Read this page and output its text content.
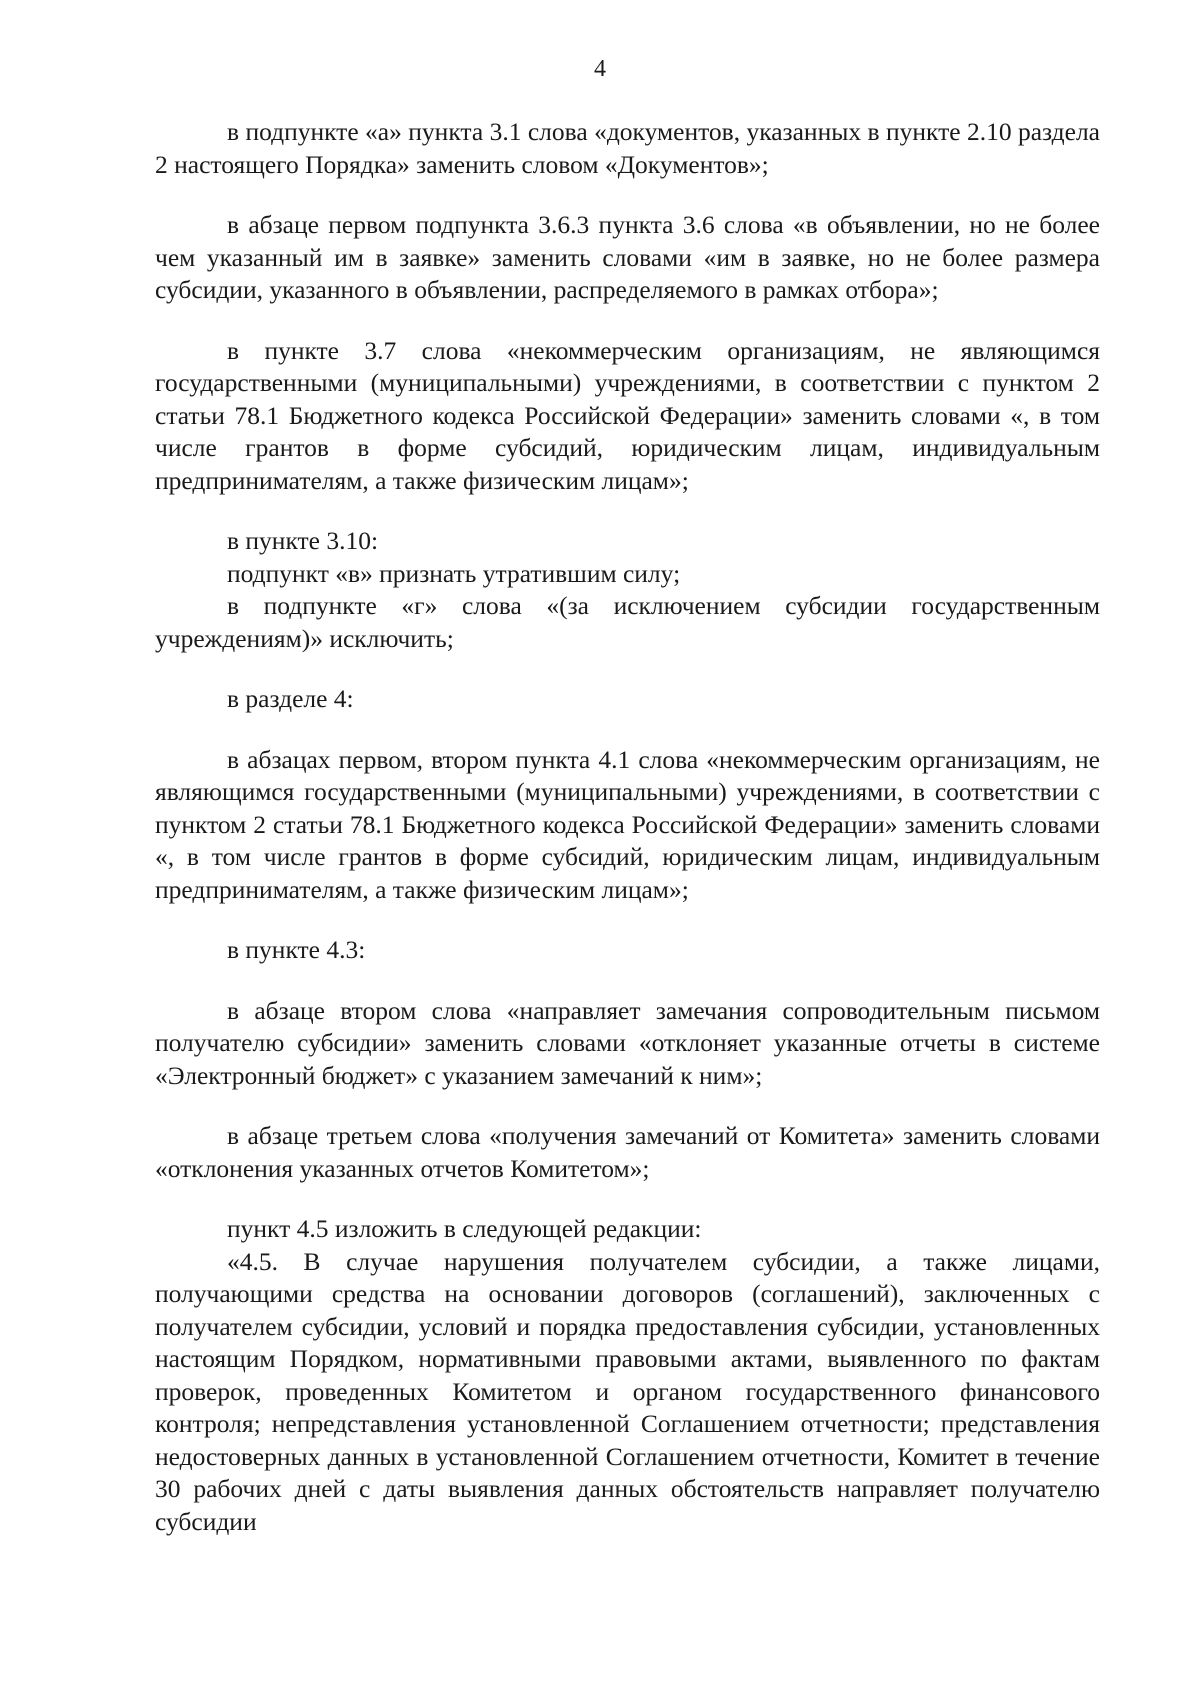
4

в подпункте «а» пункта 3.1 слова «документов, указанных в пункте 2.10 раздела 2 настоящего Порядка» заменить словом «Документов»;

в абзаце первом подпункта 3.6.3 пункта 3.6 слова «в объявлении, но не более чем указанный им в заявке» заменить словами «им в заявке, но не более размера субсидии, указанного в объявлении, распределяемого в рамках отбора»;

в пункте 3.7 слова «некоммерческим организациям, не являющимся государственными (муниципальными) учреждениями, в соответствии с пунктом 2 статьи 78.1 Бюджетного кодекса Российской Федерации» заменить словами «, в том числе грантов в форме субсидий, юридическим лицам, индивидуальным предпринимателям, а также физическим лицам»;

в пункте 3.10:

подпункт «в» признать утратившим силу;

в подпункте «г» слова «(за исключением субсидии государственным учреждениям)» исключить;

в разделе 4:

в абзацах первом, втором пункта 4.1 слова «некоммерческим организациям, не являющимся государственными (муниципальными) учреждениями, в соответствии с пунктом 2 статьи 78.1 Бюджетного кодекса Российской Федерации» заменить словами «, в том числе грантов в форме субсидий, юридическим лицам, индивидуальным предпринимателям, а также физическим лицам»;

в пункте 4.3:

в абзаце втором слова «направляет замечания сопроводительным письмом получателю субсидии» заменить словами «отклоняет указанные отчеты в системе «Электронный бюджет» с указанием замечаний к ним»;

в абзаце третьем слова «получения замечаний от Комитета» заменить словами «отклонения указанных отчетов Комитетом»;

пункт 4.5 изложить в следующей редакции:

«4.5. В случае нарушения получателем субсидии, а также лицами, получающими средства на основании договоров (соглашений), заключенных с получателем субсидии, условий и порядка предоставления субсидии, установленных настоящим Порядком, нормативными правовыми актами, выявленного по фактам проверок, проведенных Комитетом и органом государственного финансового контроля; непредставления установленной Соглашением отчетности; представления недостоверных данных в установленной Соглашением отчетности, Комитет в течение 30 рабочих дней с даты выявления данных обстоятельств направляет получателю субсидии
